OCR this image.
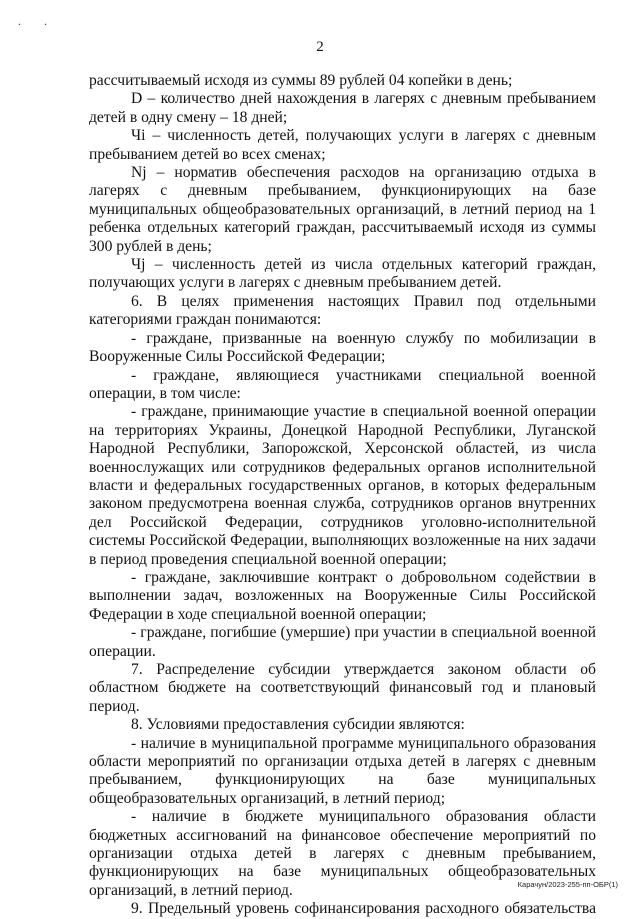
. .
2

рассчитываемый исходя из суммы 89 рублей 04 копейки в день;

D – количество дней нахождения в лагерях с дневным пребыванием детей в одну смену – 18 дней;

Чi – численность детей, получающих услуги в лагерях с дневным пребыванием детей во всех сменах;

Nj – норматив обеспечения расходов на организацию отдыха в лагерях с дневным пребыванием, функционирующих на базе муниципальных общеобразовательных организаций, в летний период на 1 ребенка отдельных категорий граждан, рассчитываемый исходя из суммы 300 рублей в день;

Чj – численность детей из числа отдельных категорий граждан, получающих услуги в лагерях с дневным пребыванием детей.

6. В целях применения настоящих Правил под отдельными категориями граждан понимаются:

- граждане, призванные на военную службу по мобилизации в Вооруженные Силы Российской Федерации;

- граждане, являющиеся участниками специальной военной операции, в том числе:

- граждане, принимающие участие в специальной военной операции на территориях Украины, Донецкой Народной Республики, Луганской Народной Республики, Запорожской, Херсонской областей, из числа военнослужащих или сотрудников федеральных органов исполнительной власти и федеральных государственных органов, в которых федеральным законом предусмотрена военная служба, сотрудников органов внутренних дел Российской Федерации, сотрудников уголовно-исполнительной системы Российской Федерации, выполняющих возложенные на них задачи в период проведения специальной военной операции;

- граждане, заключившие контракт о добровольном содействии в выполнении задач, возложенных на Вооруженные Силы Российской Федерации в ходе специальной военной операции;

- граждане, погибшие (умершие) при участии в специальной военной операции.

7. Распределение субсидии утверждается законом области об областном бюджете на соответствующий финансовый год и плановый период.

8. Условиями предоставления субсидии являются:

- наличие в муниципальной программе муниципального образования области мероприятий по организации отдыха детей в лагерях с дневным пребыванием, функционирующих на базе муниципальных общеобразовательных организаций, в летний период;

- наличие в бюджете муниципального образования области бюджетных ассигнований на финансовое обеспечение мероприятий по организации отдыха детей в лагерях с дневным пребыванием, функционирующих на базе муниципальных общеобразовательных организаций, в летний период.

9. Предельный уровень софинансирования расходного обязательства

Карачун/2023-255-пп-ОБР(1)
